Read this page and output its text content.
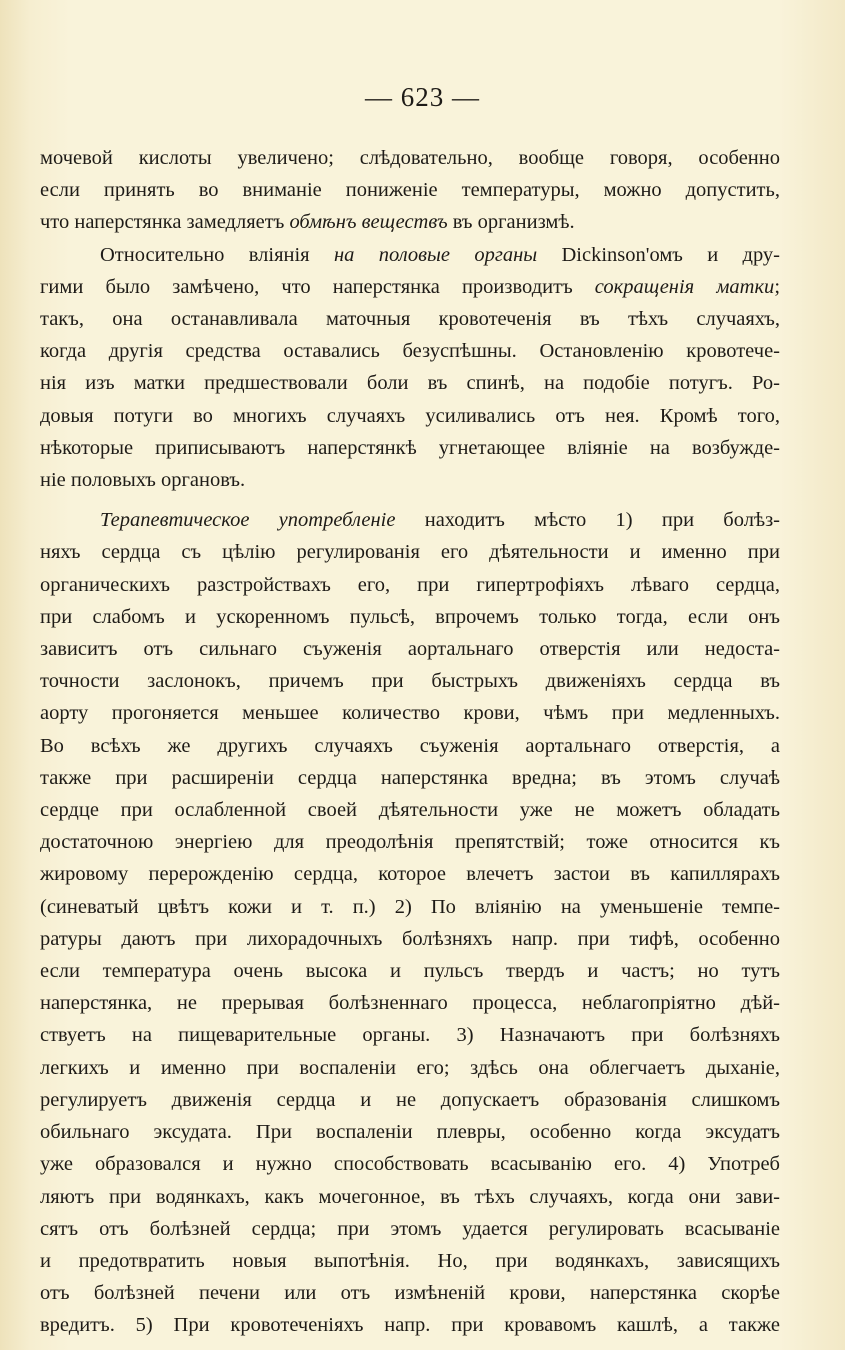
— 623 —

мочевой кислоты увеличено; слѣдовательно, вообще говоря, особенно

если принять во вниманіе пониженіе температуры, можно допустить,

что наперстянка замедляетъ обмѣнъ веществъ въ организмѣ.

Относительно вліянія на половые органы Dickinson'омъ и дру-

гими было замѣчено, что наперстянка производитъ сокращенія матки;

такъ, она останавливала маточныя кровотеченія въ тѣхъ случаяхъ,

когда другія средства оставались безуспѣшны. Остановленію кровотече-

нія изъ матки предшествовали боли въ спинѣ, на подобіе потугъ. Ро-

довыя потуги во многихъ случаяхъ усиливались отъ нея. Кромѣ того,

нѣкоторые приписываютъ наперстянкѣ угнетающее вліяніе на возбужде-

ніе половыхъ органовъ.

Терапевтическое употребленіе находитъ мѣсто 1) при болѣз-

няхъ сердца съ цѣлію регулированія его дѣятельности и именно при

органическихъ разстройствахъ его, при гипертрофіяхъ лѣваго сердца,

при слабомъ и ускоренномъ пульсѣ, впрочемъ только тогда, если онъ

зависитъ отъ сильнаго съуженія аортальнаго отверстія или недоста-

точности заслонокъ, причемъ при быстрыхъ движеніяхъ сердца въ

аорту прогоняется меньшее количество крови, чѣмъ при медленныхъ.

Во всѣхъ же другихъ случаяхъ съуженія аортальнаго отверстія, а

также при расширеніи сердца наперстянка вредна; въ этомъ случаѣ

сердце при ослабленной своей дѣятельности уже не можетъ обладать

достаточною энергіею для преодолѣнія препятствій; тоже относится къ

жировому перерожденію сердца, которое влечетъ застои въ капиллярахъ

(синеватый цвѣтъ кожи и т. п.) 2) По вліянію на уменьшеніе темпе-

ратуры даютъ при лихорадочныхъ болѣзняхъ напр. при тифѣ, особенно

если температура очень высока и пульсъ твердъ и частъ; но тутъ

наперстянка, не прерывая болѣзненнаго процесса, неблагопріятно дѣй-

ствуетъ на пищеварительные органы. 3) Назначаютъ при болѣзняхъ

легкихъ и именно при воспаленіи его; здѣсь она облегчаетъ дыханіе,

регулируетъ движенія сердца и не допускаетъ образованія слишкомъ

обильнаго эксудата. При воспаленіи плевры, особенно когда эксудатъ

уже образовался и нужно способствовать всасыванію его. 4) Употреб

ляютъ при водянкахъ, какъ мочегонное, въ тѣхъ случаяхъ, когда они зави-

сятъ отъ болѣзней сердца; при этомъ удается регулировать всасываніе

и предотвратить новыя выпотѣнія. Но, при водянкахъ, зависящихъ

отъ болѣзней печени или отъ измѣненій крови, наперстянка скорѣе

вредитъ. 5) При кровотеченіяхъ напр. при кровавомъ кашлѣ, а также
